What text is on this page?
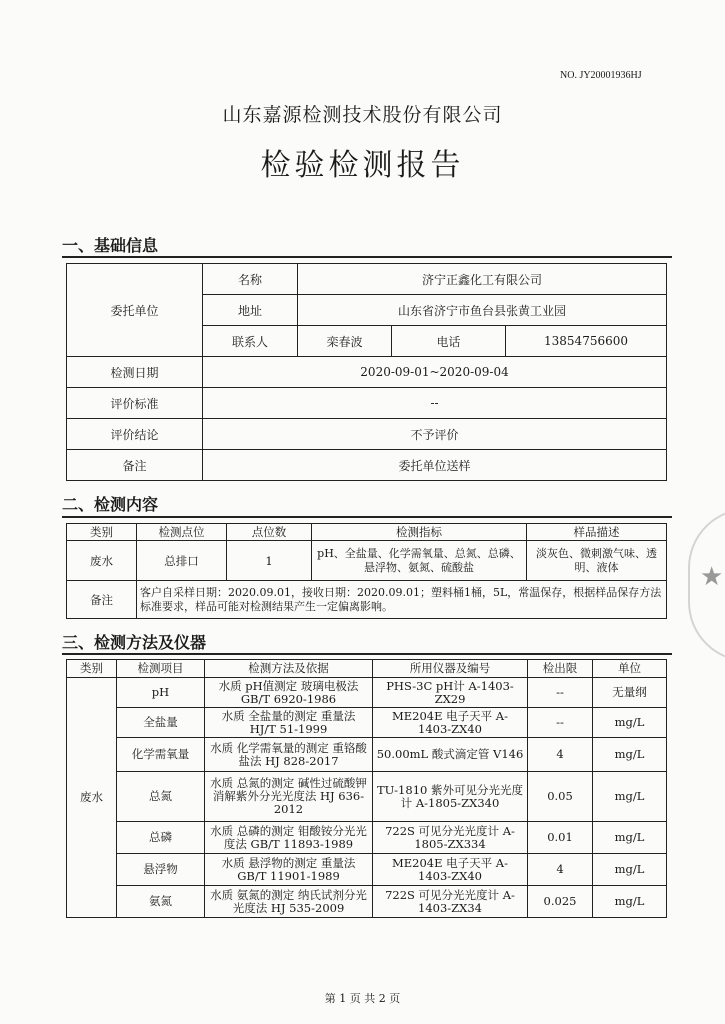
NO. JY20001936HJ
山东嘉源检测技术股份有限公司
检验检测报告
一、基础信息
委托单位	名称	济宁正鑫化工有限公司		
	地址	山东省济宁市鱼台县张黄工业园		
	联系人	栾春波	电话	13854756600
检测日期	2020-09-01~2020-09-04			
评价标准	--			
评价结论	不予评价			
备注	委托单位送样			
二、检测内容
类别	检测点位	点位数	检测指标	样品描述
废水	总排口	1	pH、全盐量、化学需氧量、总氮、总磷、悬浮物、氨氮、硫酸盐	淡灰色、微刺激气味、透明、液体
备注	客户自采样日期：2020.09.01，接收日期：2020.09.01；塑料桶1桶，5L，常温保存，根据样品保存方法标准要求，样品可能对检测结果产生一定偏离影响。			
三、检测方法及仪器
类别	检测项目	检测方法及依据	所用仪器及编号	检出限	单位
废水	pH	水质 pH值测定 玻璃电极法 GB/T 6920-1986	PHS-3C pH计 A-1403-ZX29	--	无量纲
	全盐量	水质 全盐量的测定 重量法 HJ/T 51-1999	ME204E 电子天平 A-1403-ZX40	--	mg/L
	化学需氧量	水质 化学需氧量的测定 重铬酸盐法 HJ 828-2017	50.00mL 酸式滴定管 V146	4	mg/L
	总氮	水质 总氮的测定 碱性过硫酸钾消解紫外分光光度法 HJ 636-2012	TU-1810 紫外可见分光光度计 A-1805-ZX340	0.05	mg/L
	总磷	水质 总磷的测定 钼酸铵分光光度法 GB/T 11893-1989	722S 可见分光光度计 A-1805-ZX334	0.01	mg/L
	悬浮物	水质 悬浮物的测定 重量法 GB/T 11901-1989	ME204E 电子天平 A-1403-ZX40	4	mg/L
	氨氮	水质 氨氮的测定 纳氏试剂分光光度法 HJ 535-2009	722S 可见分光光度计 A-1403-ZX34	0.025	mg/L
★
第 1 页 共 2 页
